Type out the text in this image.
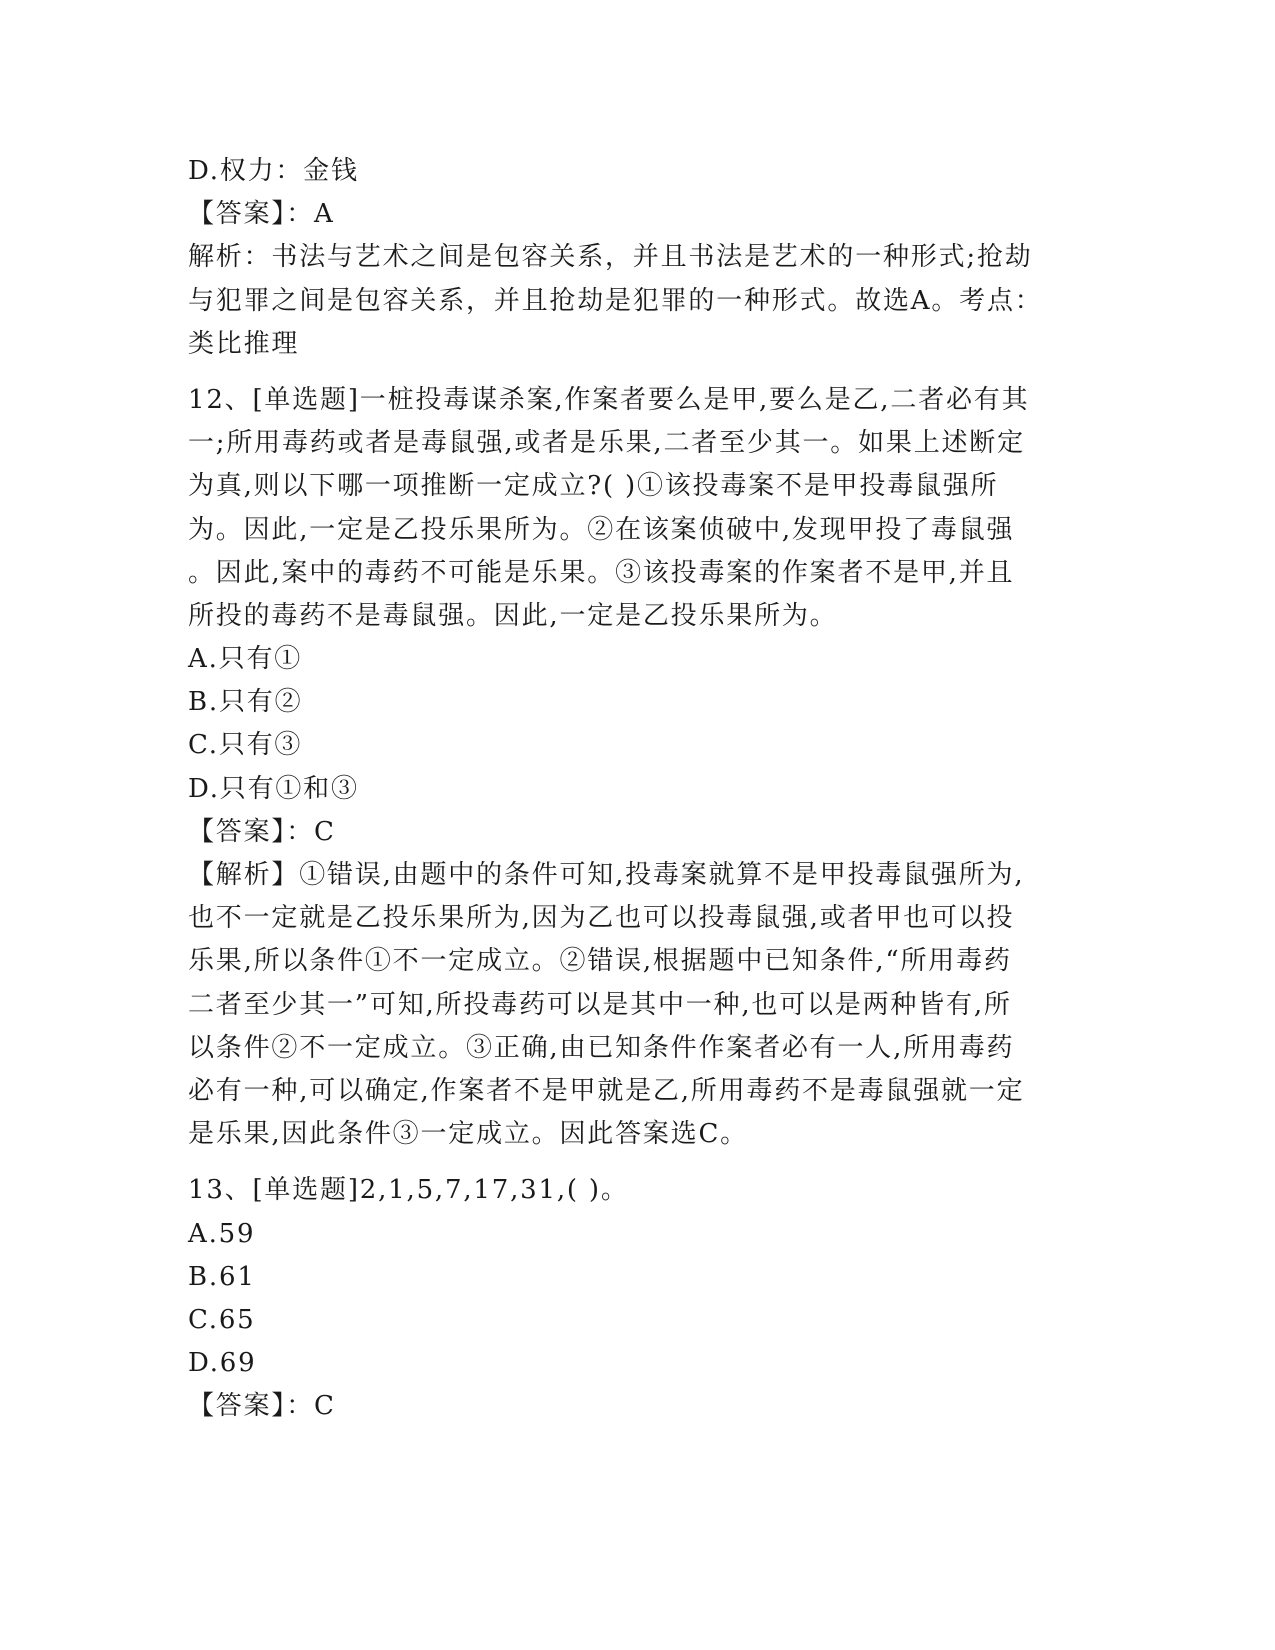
D.权力：金钱
【答案】：A
解析：书法与艺术之间是包容关系，并且书法是艺术的一种形式;抢劫
与犯罪之间是包容关系，并且抢劫是犯罪的一种形式。故选A。考点：
类比推理
12、[单选题]一桩投毒谋杀案,作案者要么是甲,要么是乙,二者必有其
一;所用毒药或者是毒鼠强,或者是乐果,二者至少其一。如果上述断定
为真,则以下哪一项推断一定成立?( )①该投毒案不是甲投毒鼠强所
为。因此,一定是乙投乐果所为。②在该案侦破中,发现甲投了毒鼠强
。因此,案中的毒药不可能是乐果。③该投毒案的作案者不是甲,并且
所投的毒药不是毒鼠强。因此,一定是乙投乐果所为。
A.只有①
B.只有②
C.只有③
D.只有①和③
【答案】：C
【解析】①错误,由题中的条件可知,投毒案就算不是甲投毒鼠强所为,
也不一定就是乙投乐果所为,因为乙也可以投毒鼠强,或者甲也可以投
乐果,所以条件①不一定成立。②错误,根据题中已知条件,“所用毒药
二者至少其一”可知,所投毒药可以是其中一种,也可以是两种皆有,所
以条件②不一定成立。③正确,由已知条件作案者必有一人,所用毒药
必有一种,可以确定,作案者不是甲就是乙,所用毒药不是毒鼠强就一定
是乐果,因此条件③一定成立。因此答案选C。
13、[单选题]2,1,5,7,17,31,( )。
A.59
B.61
C.65
D.69
【答案】：C
